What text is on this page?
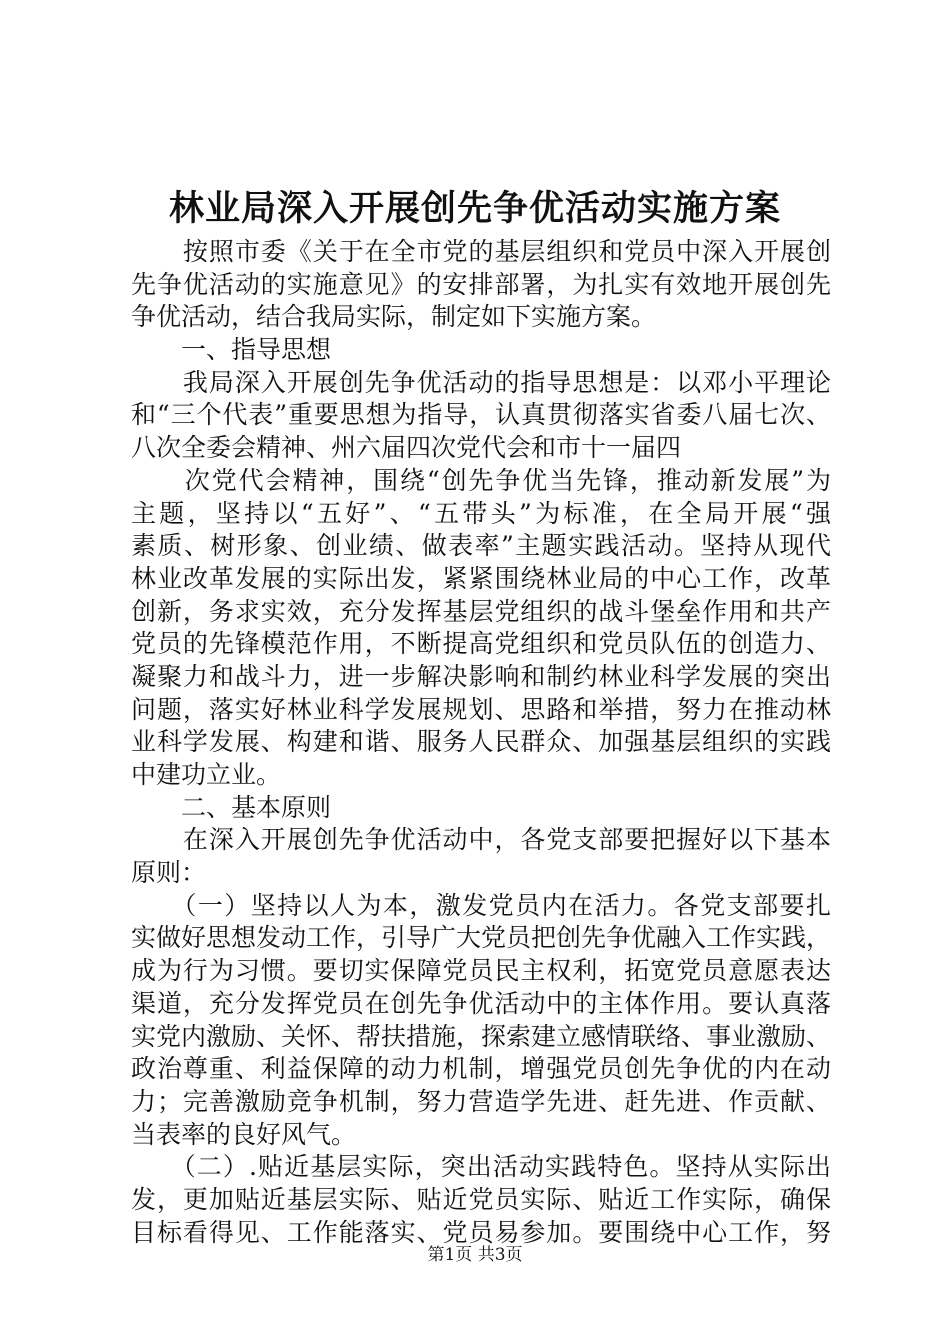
林业局深入开展创先争优活动实施方案
　　按照市委《关于在全市党的基层组织和党员中深入开展创
先争优活动的实施意见》的安排部署，为扎实有效地开展创先
争优活动，结合我局实际，制定如下实施方案。
　　一、指导思想
　　我局深入开展创先争优活动的指导思想是：以邓小平理论
和“三个代表”重要思想为指导，认真贯彻落实省委八届七次、
八次全委会精神、州六届四次党代会和市十一届四
　　次党代会精神，围绕“创先争优当先锋，推动新发展”为
主题，坚持以“五好”、“五带头”为标准，在全局开展“强
素质、树形象、创业绩、做表率”主题实践活动。坚持从现代
林业改革发展的实际出发，紧紧围绕林业局的中心工作，改革
创新，务求实效，充分发挥基层党组织的战斗堡垒作用和共产
党员的先锋模范作用，不断提高党组织和党员队伍的创造力、
凝聚力和战斗力，进一步解决影响和制约林业科学发展的突出
问题，落实好林业科学发展规划、思路和举措，努力在推动林
业科学发展、构建和谐、服务人民群众、加强基层组织的实践
中建功立业。
　　二、基本原则
　　在深入开展创先争优活动中，各党支部要把握好以下基本
原则：
　　（一）坚持以人为本，激发党员内在活力。各党支部要扎
实做好思想发动工作，引导广大党员把创先争优融入工作实践，
成为行为习惯。要切实保障党员民主权利，拓宽党员意愿表达
渠道，充分发挥党员在创先争优活动中的主体作用。要认真落
实党内激励、关怀、帮扶措施，探索建立感情联络、事业激励、
政治尊重、利益保障的动力机制，增强党员创先争优的内在动
力；完善激励竞争机制，努力营造学先进、赶先进、作贡献、
当表率的良好风气。
　　（二）.贴近基层实际，突出活动实践特色。坚持从实际出
发，更加贴近基层实际、贴近党员实际、贴近工作实际，确保
目标看得见、工作能落实、党员易参加。要围绕中心工作，努
第1页 共3页
